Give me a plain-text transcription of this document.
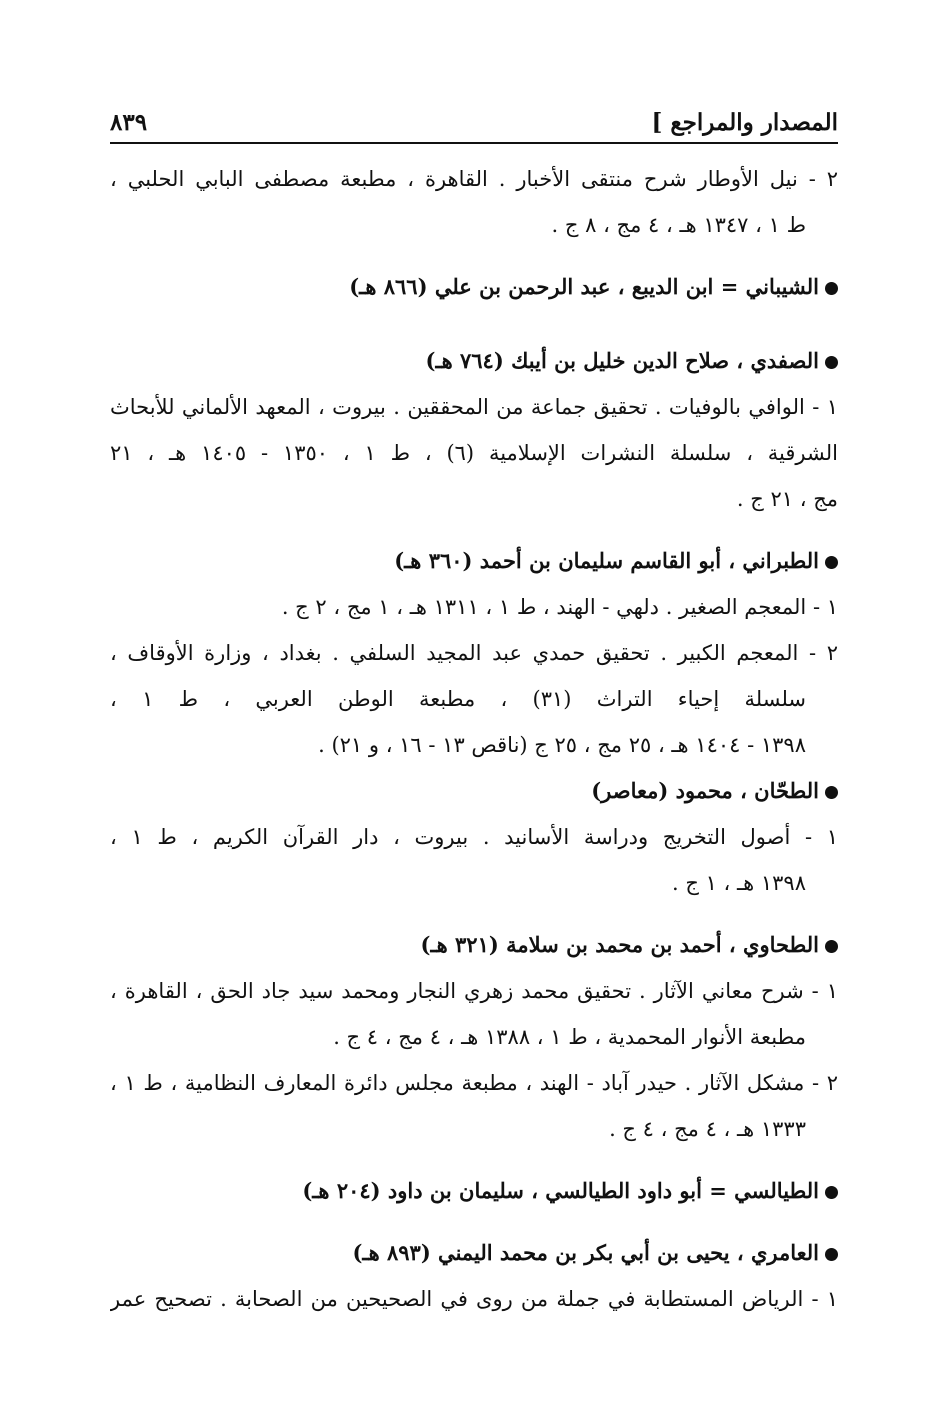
المصدار والمراجع ]
٨٣٩
٢ - نيل الأوطار شرح منتقى الأخبار . القاهرة ، مطبعة مصطفى البابي الحلبي ،
ط ١ ، ١٣٤٧ هـ ، ٤ مج ، ٨ ج .
الشيباني = ابن الديبع ، عبد الرحمن بن علي (٨٦٦ هـ)
الصفدي ، صلاح الدين خليل بن أيبك (٧٦٤ هـ)
١ - الوافي بالوفيات . تحقيق جماعة من المحققين . بيروت ، المعهد الألماني للأبحاث
الشرقية ، سلسلة النشرات الإسلامية (٦) ، ط ١ ، ١٣٥٠ - ١٤٠٥ هـ ، ٢١
مج ، ٢١ ج .
الطبراني ، أبو القاسم سليمان بن أحمد (٣٦٠ هـ)
١ - المعجم الصغير . دلهي - الهند ، ط ١ ، ١٣١١ هـ ، ١ مج ، ٢ ج .
٢ - المعجم الكبير . تحقيق حمدي عبد المجيد السلفي . بغداد ، وزارة الأوقاف ،
سلسلة إحياء التراث (٣١) ، مطبعة الوطن العربي ، ط ١ ،
١٣٩٨ - ١٤٠٤ هـ ، ٢٥ مج ، ٢٥ ج (ناقص ١٣ - ١٦ ، و ٢١) .
الطحّان ، محمود (معاصر)
١ - أصول التخريج ودراسة الأسانيد . بيروت ، دار القرآن الكريم ، ط ١ ،
١٣٩٨ هـ ، ١ ج .
الطحاوي ، أحمد بن محمد بن سلامة (٣٢١ هـ)
١ - شرح معاني الآثار . تحقيق محمد زهري النجار ومحمد سيد جاد الحق ، القاهرة ،
مطبعة الأنوار المحمدية ، ط ١ ، ١٣٨٨ هـ ، ٤ مج ، ٤ ج .
٢ - مشكل الآثار . حيدر آباد - الهند ، مطبعة مجلس دائرة المعارف النظامية ، ط ١ ،
١٣٣٣ هـ ، ٤ مج ، ٤ ج .
الطيالسي = أبو داود الطيالسي ، سليمان بن داود (٢٠٤ هـ)
العامري ، يحيى بن أبي بكر بن محمد اليمني (٨٩٣ هـ)
١ - الرياض المستطابة في جملة من روى في الصحيحين من الصحابة . تصحيح عمر
